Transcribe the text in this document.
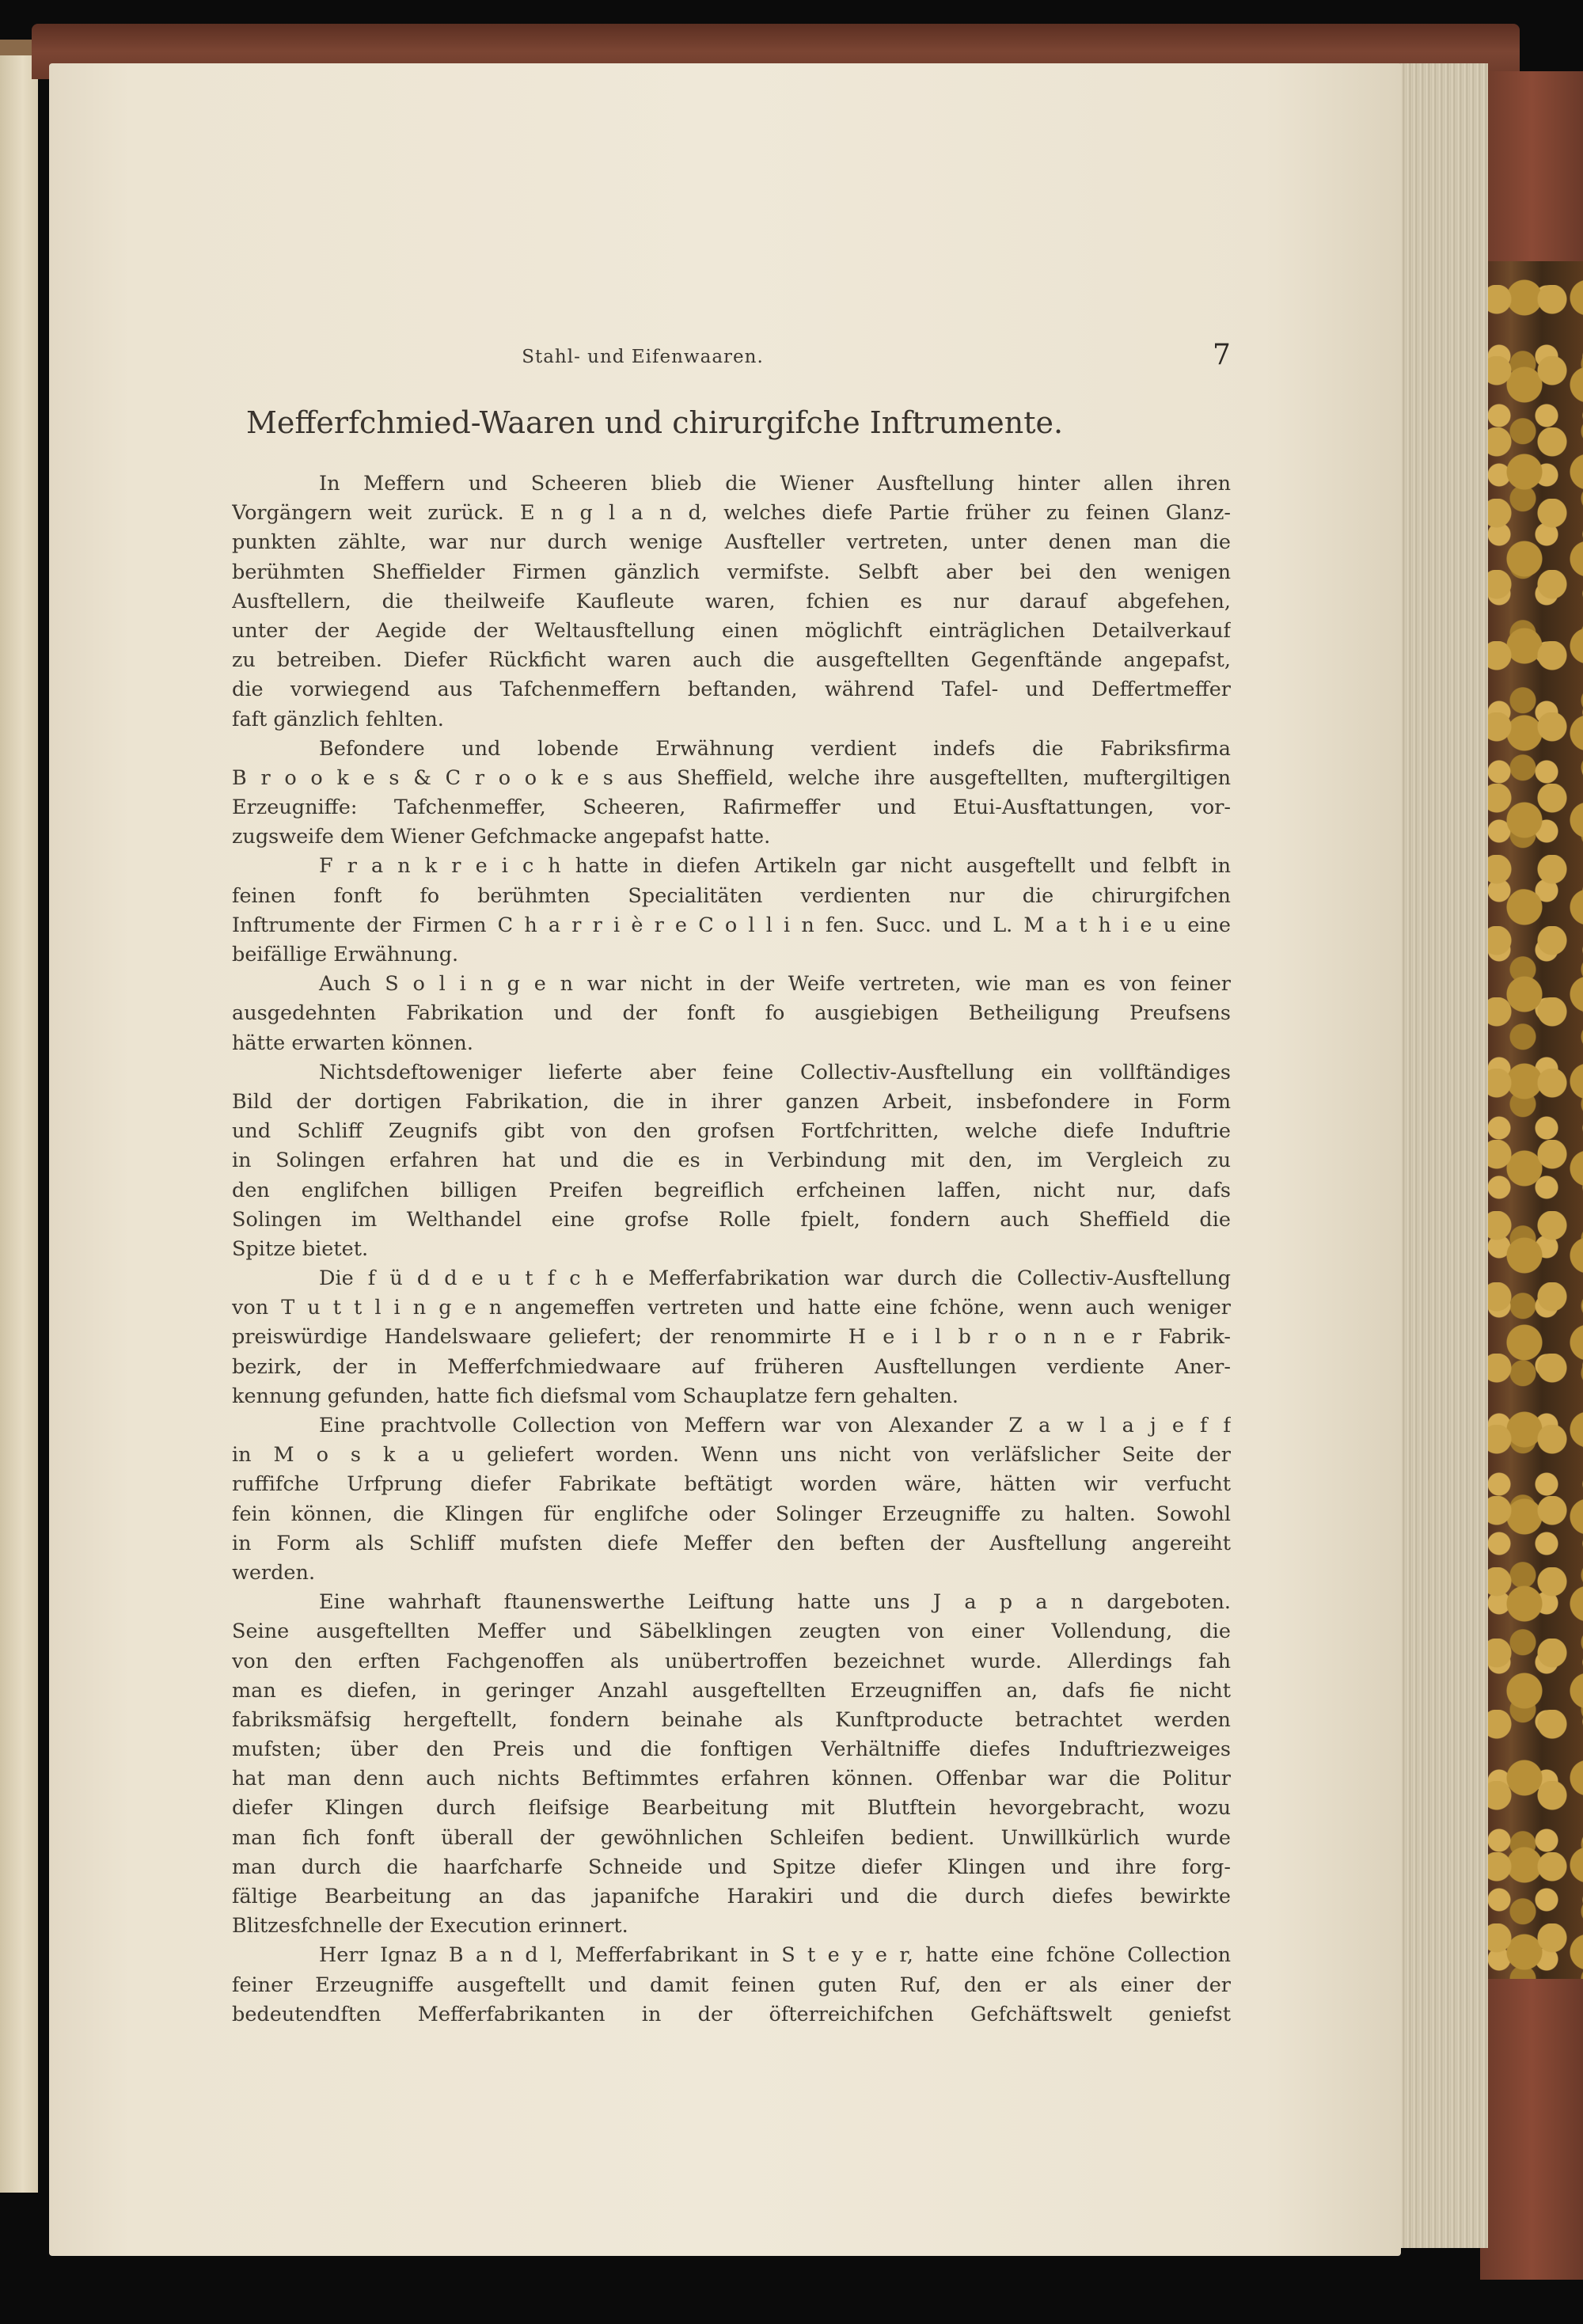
Stahl- und Eifenwaaren.	7
Mefferfchmied-Waaren und chirurgifche Inftrumente.
In Meffern und Scheeren blieb die Wiener Ausftellung hinter allen ihren
Vorgängern weit zurück. E n g l a n d, welches diefe Partie früher zu feinen Glanz-
punkten zählte, war nur durch wenige Ausfteller vertreten, unter denen man die
berühmten Sheffielder Firmen gänzlich vermifste. Selbft aber bei den wenigen
Ausftellern, die theilweife Kaufleute waren, fchien es nur darauf abgefehen,
unter der Aegide der Weltausftellung einen möglichft einträglichen Detailverkauf
zu betreiben. Diefer Rückficht waren auch die ausgeftellten Gegenftände angepafst,
die vorwiegend aus Tafchenmeffern beftanden, während Tafel- und Deffertmeffer
faft gänzlich fehlten.
Befondere und lobende Erwähnung verdient indefs die Fabriksfirma
B r o o k e s & C r o o k e s aus Sheffield, welche ihre ausgeftellten, muftergiltigen
Erzeugniffe: Tafchenmeffer, Scheeren, Rafirmeffer und Etui-Ausftattungen, vor-
zugsweife dem Wiener Gefchmacke angepafst hatte.
F r a n k r e i c h hatte in diefen Artikeln gar nicht ausgeftellt und felbft in
feinen fonft fo berühmten Specialitäten verdienten nur die chirurgifchen
Inftrumente der Firmen C h a r r i è r e C o l l i n fen. Succ. und L. M a t h i e u eine
beifällige Erwähnung.
Auch S o l i n g e n war nicht in der Weife vertreten, wie man es von feiner
ausgedehnten Fabrikation und der fonft fo ausgiebigen Betheiligung Preufsens
hätte erwarten können.
Nichtsdeftoweniger lieferte aber feine Collectiv-Ausftellung ein vollftändiges
Bild der dortigen Fabrikation, die in ihrer ganzen Arbeit, insbefondere in Form
und Schliff Zeugnifs gibt von den grofsen Fortfchritten, welche diefe Induftrie
in Solingen erfahren hat und die es in Verbindung mit den, im Vergleich zu
den englifchen billigen Preifen begreiflich erfcheinen laffen, nicht nur, dafs
Solingen im Welthandel eine grofse Rolle fpielt, fondern auch Sheffield die
Spitze bietet.
Die f ü d d e u t f c h e Mefferfabrikation war durch die Collectiv-Ausftellung
von T u t t l i n g e n angemeffen vertreten und hatte eine fchöne, wenn auch weniger
preiswürdige Handelswaare geliefert; der renommirte H e i l b r o n n e r Fabrik-
bezirk, der in Mefferfchmiedwaare auf früheren Ausftellungen verdiente Aner-
kennung gefunden, hatte fich diefsmal vom Schauplatze fern gehalten.
Eine prachtvolle Collection von Meffern war von Alexander Z a w l a j e f f
in M o s k a u geliefert worden. Wenn uns nicht von verläfslicher Seite der
ruffifche Urfprung diefer Fabrikate beftätigt worden wäre, hätten wir verfucht
fein können, die Klingen für englifche oder Solinger Erzeugniffe zu halten. Sowohl
in Form als Schliff mufsten diefe Meffer den beften der Ausftellung angereiht
werden.
Eine wahrhaft ftaunenswerthe Leiftung hatte uns J a p a n dargeboten.
Seine ausgeftellten Meffer und Säbelklingen zeugten von einer Vollendung, die
von den erften Fachgenoffen als unübertroffen bezeichnet wurde. Allerdings fah
man es diefen, in geringer Anzahl ausgeftellten Erzeugniffen an, dafs fie nicht
fabriksmäfsig hergeftellt, fondern beinahe als Kunftproducte betrachtet werden
mufsten; über den Preis und die fonftigen Verhältniffe diefes Induftriezweiges
hat man denn auch nichts Beftimmtes erfahren können. Offenbar war die Politur
diefer Klingen durch fleifsige Bearbeitung mit Blutftein hevorgebracht, wozu
man fich fonft überall der gewöhnlichen Schleifen bedient. Unwillkürlich wurde
man durch die haarfcharfe Schneide und Spitze diefer Klingen und ihre forg-
fältige Bearbeitung an das japanifche Harakiri und die durch diefes bewirkte
Blitzesfchnelle der Execution erinnert.
Herr Ignaz B a n d l, Mefferfabrikant in S t e y e r, hatte eine fchöne Collection
feiner Erzeugniffe ausgeftellt und damit feinen guten Ruf, den er als einer der
bedeutendften Mefferfabrikanten in der öfterreichifchen Gefchäftswelt geniefst
